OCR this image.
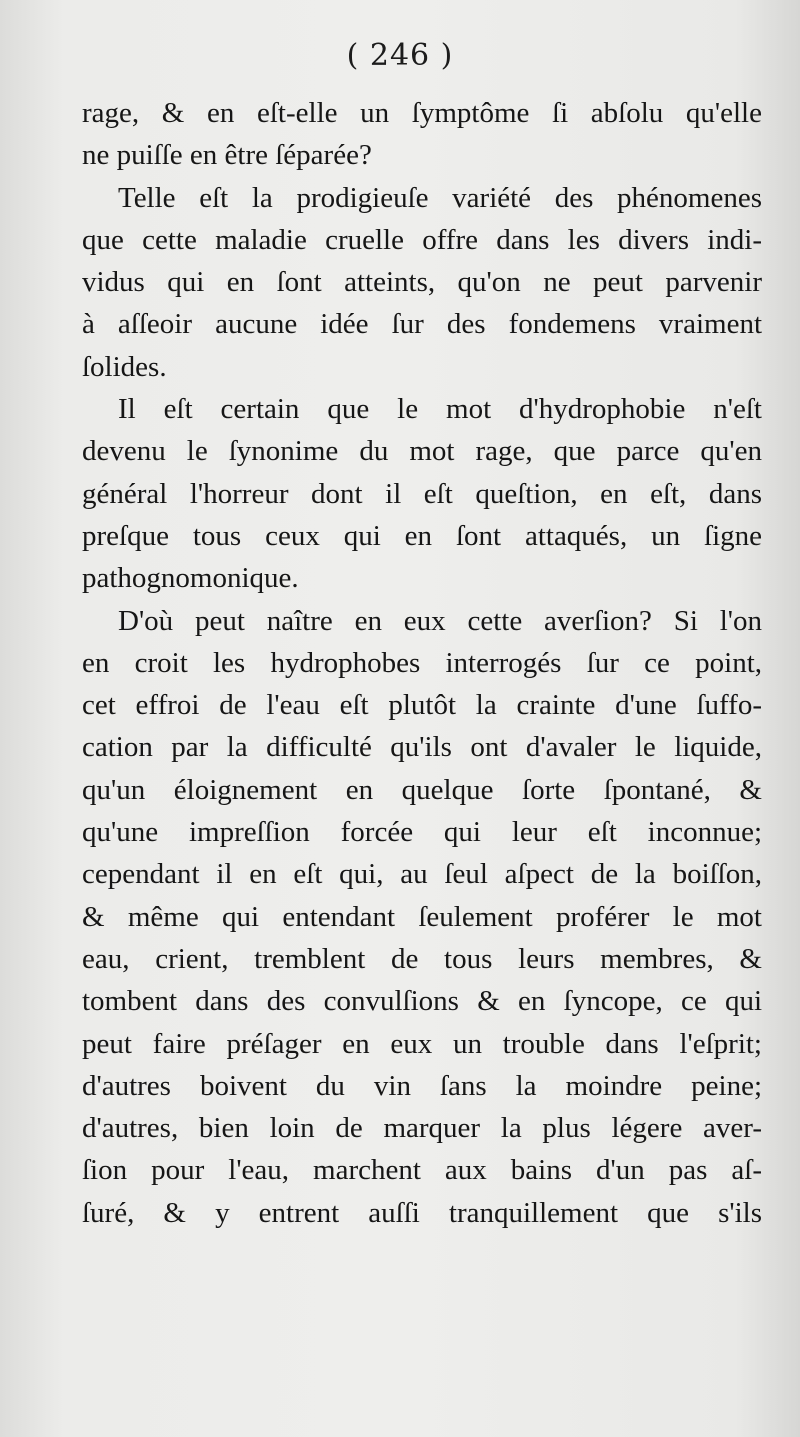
( 246 )
rage, & en eſt-elle un ſymptôme ſi abſolu qu'elle
ne puiſſe en être ſéparée?
Telle eſt la prodigieuſe variété des phénomenes
que cette maladie cruelle offre dans les divers indi-
vidus qui en ſont atteints, qu'on ne peut parvenir
à aſſeoir aucune idée ſur des fondemens vraiment
ſolides.
Il eſt certain que le mot d'hydrophobie n'eſt
devenu le ſynonime du mot rage, que parce qu'en
général l'horreur dont il eſt queſtion, en eſt, dans
preſque tous ceux qui en ſont attaqués, un ſigne
pathognomonique.
D'où peut naître en eux cette averſion? Si l'on
en croit les hydrophobes interrogés ſur ce point,
cet effroi de l'eau eſt plutôt la crainte d'une ſuffo-
cation par la difficulté qu'ils ont d'avaler le liquide,
qu'un éloignement en quelque ſorte ſpontané, &
qu'une impreſſion forcée qui leur eſt inconnue;
cependant il en eſt qui, au ſeul aſpect de la boiſſon,
& même qui entendant ſeulement proférer le mot
eau, crient, tremblent de tous leurs membres, &
tombent dans des convulſions & en ſyncope, ce qui
peut faire préſager en eux un trouble dans l'eſprit;
d'autres boivent du vin ſans la moindre peine;
d'autres, bien loin de marquer la plus légere aver-
ſion pour l'eau, marchent aux bains d'un pas aſ-
ſuré, & y entrent auſſi tranquillement que s'ils
